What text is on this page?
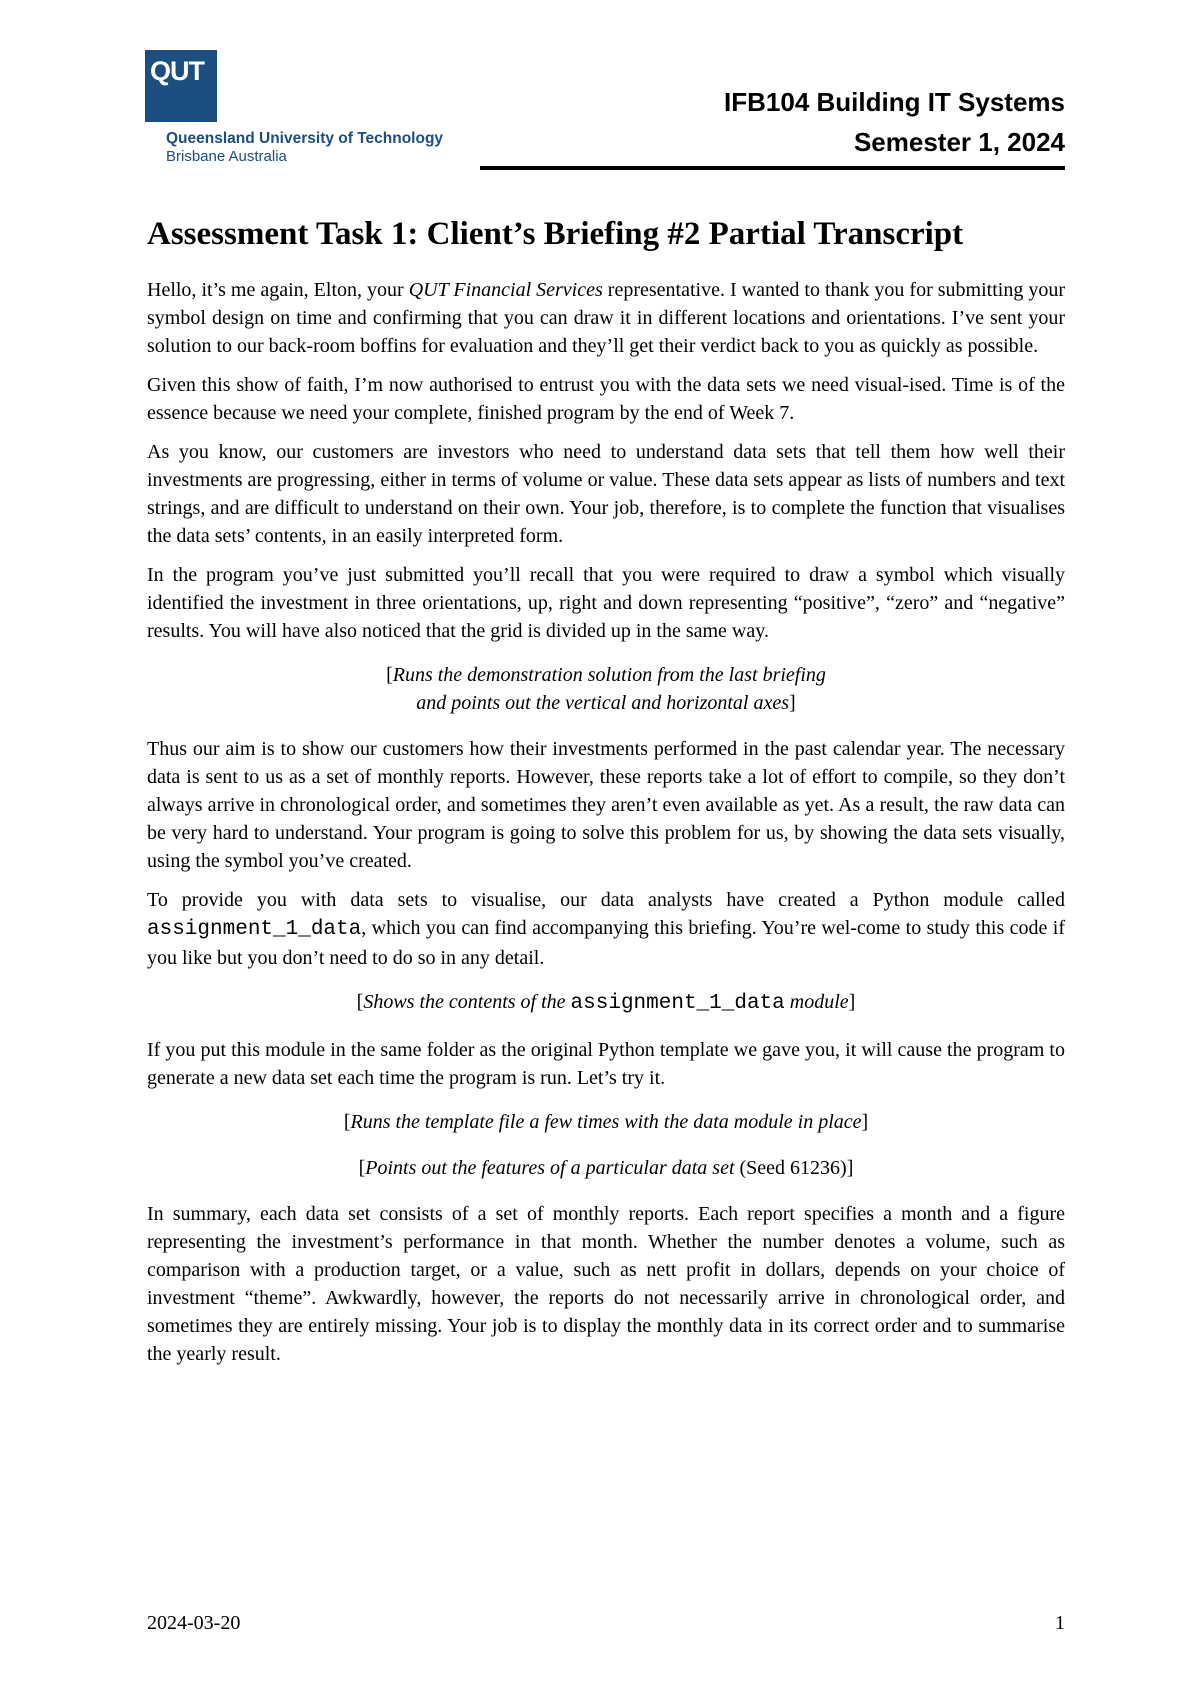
QUT
Queensland University of Technology
Brisbane Australia
IFB104 Building IT Systems
Semester 1, 2024
Assessment Task 1: Client’s Briefing #2 Partial Transcript

Hello, it’s me again, Elton, your QUT Financial Services representative. I wanted to thank you for submitting your symbol design on time and confirming that you can draw it in different locations and orientations. I’ve sent your solution to our back-room boffins for evaluation and they’ll get their verdict back to you as quickly as possible.

Given this show of faith, I’m now authorised to entrust you with the data sets we need visual-ised. Time is of the essence because we need your complete, finished program by the end of Week 7.

As you know, our customers are investors who need to understand data sets that tell them how well their investments are progressing, either in terms of volume or value. These data sets appear as lists of numbers and text strings, and are difficult to understand on their own. Your job, therefore, is to complete the function that visualises the data sets’ contents, in an easily interpreted form.

In the program you’ve just submitted you’ll recall that you were required to draw a symbol which visually identified the investment in three orientations, up, right and down representing “positive”, “zero” and “negative” results. You will have also noticed that the grid is divided up in the same way.

[Runs the demonstration solution from the last briefing
and points out the vertical and horizontal axes]

Thus our aim is to show our customers how their investments performed in the past calendar year. The necessary data is sent to us as a set of monthly reports. However, these reports take a lot of effort to compile, so they don’t always arrive in chronological order, and sometimes they aren’t even available as yet. As a result, the raw data can be very hard to understand. Your program is going to solve this problem for us, by showing the data sets visually, using the symbol you’ve created.

To provide you with data sets to visualise, our data analysts have created a Python module called assignment_1_data, which you can find accompanying this briefing. You’re wel-come to study this code if you like but you don’t need to do so in any detail.

[Shows the contents of the assignment_1_data module]

If you put this module in the same folder as the original Python template we gave you, it will cause the program to generate a new data set each time the program is run. Let’s try it.

[Runs the template file a few times with the data module in place]

[Points out the features of a particular data set (Seed 61236)]

In summary, each data set consists of a set of monthly reports. Each report specifies a month and a figure representing the investment’s performance in that month. Whether the number denotes a volume, such as comparison with a production target, or a value, such as nett profit in dollars, depends on your choice of investment “theme”. Awkwardly, however, the reports do not necessarily arrive in chronological order, and sometimes they are entirely missing. Your job is to display the monthly data in its correct order and to summarise the yearly result.

2024-03-20	1
